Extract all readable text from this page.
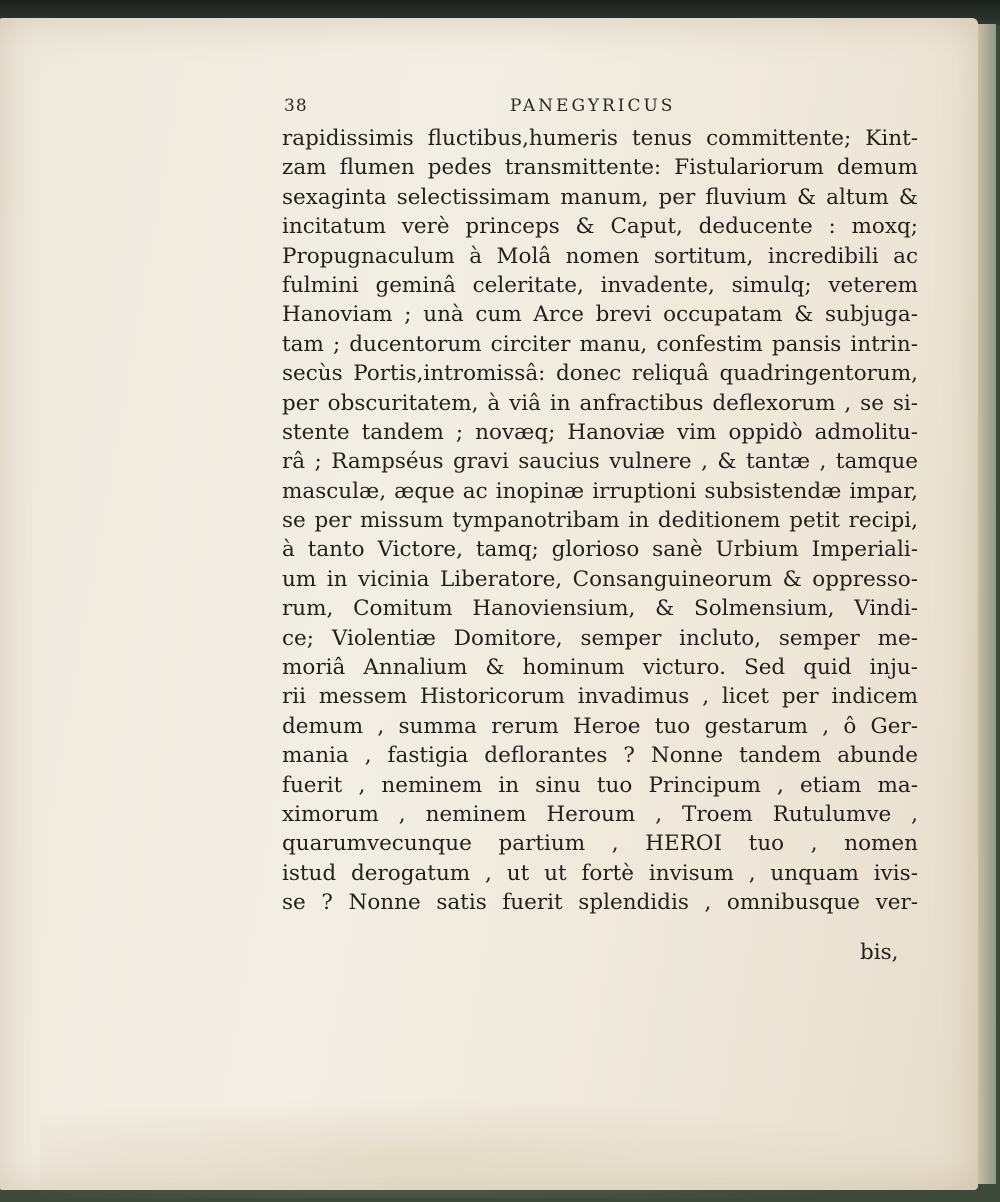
38	PANEGYRICUS
rapidissimis fluctibus,humeris tenus committente; Kint-
zam flumen pedes transmittente: Fistulariorum demum
sexaginta selectissimam manum, per fluvium & altum &
incitatum verè princeps & Caput, deducente : moxq;
Propugnaculum à Molâ nomen sortitum, incredibili ac
fulmini geminâ celeritate, invadente, simulq; veterem
Hanoviam ; unà cum Arce brevi occupatam & subjuga-
tam ; ducentorum circiter manu, confestim pansis intrin-
secùs Portis,intromissâ: donec reliquâ quadringentorum,
per obscuritatem, à viâ in anfractibus deflexorum , se si-
stente tandem ; novæq; Hanoviæ vim oppidò admolitu-
râ ; Rampséus gravi saucius vulnere , & tantæ , tamque
masculæ, æque ac inopinæ irruptioni subsistendæ impar,
se per missum tympanotribam in deditionem petit recipi,
à tanto Victore, tamq; glorioso sanè Urbium Imperiali-
um in vicinia Liberatore, Consanguineorum & oppresso-
rum, Comitum Hanoviensium, & Solmensium, Vindi-
ce; Violentiæ Domitore, semper incluto, semper me-
moriâ Annalium & hominum victuro. Sed quid inju-
rii messem Historicorum invadimus , licet per indicem
demum , summa rerum Heroe tuo gestarum , ô Ger-
mania , fastigia deflorantes ? Nonne tandem abunde
fuerit , neminem in sinu tuo Principum , etiam ma-
ximorum , neminem Heroum , Troem Rutulumve ,
quarumvecunque partium , HEROI tuo , nomen
istud derogatum , ut ut fortè invisum , unquam ivis-
se ? Nonne satis fuerit splendidis , omnibusque ver-
bis,
